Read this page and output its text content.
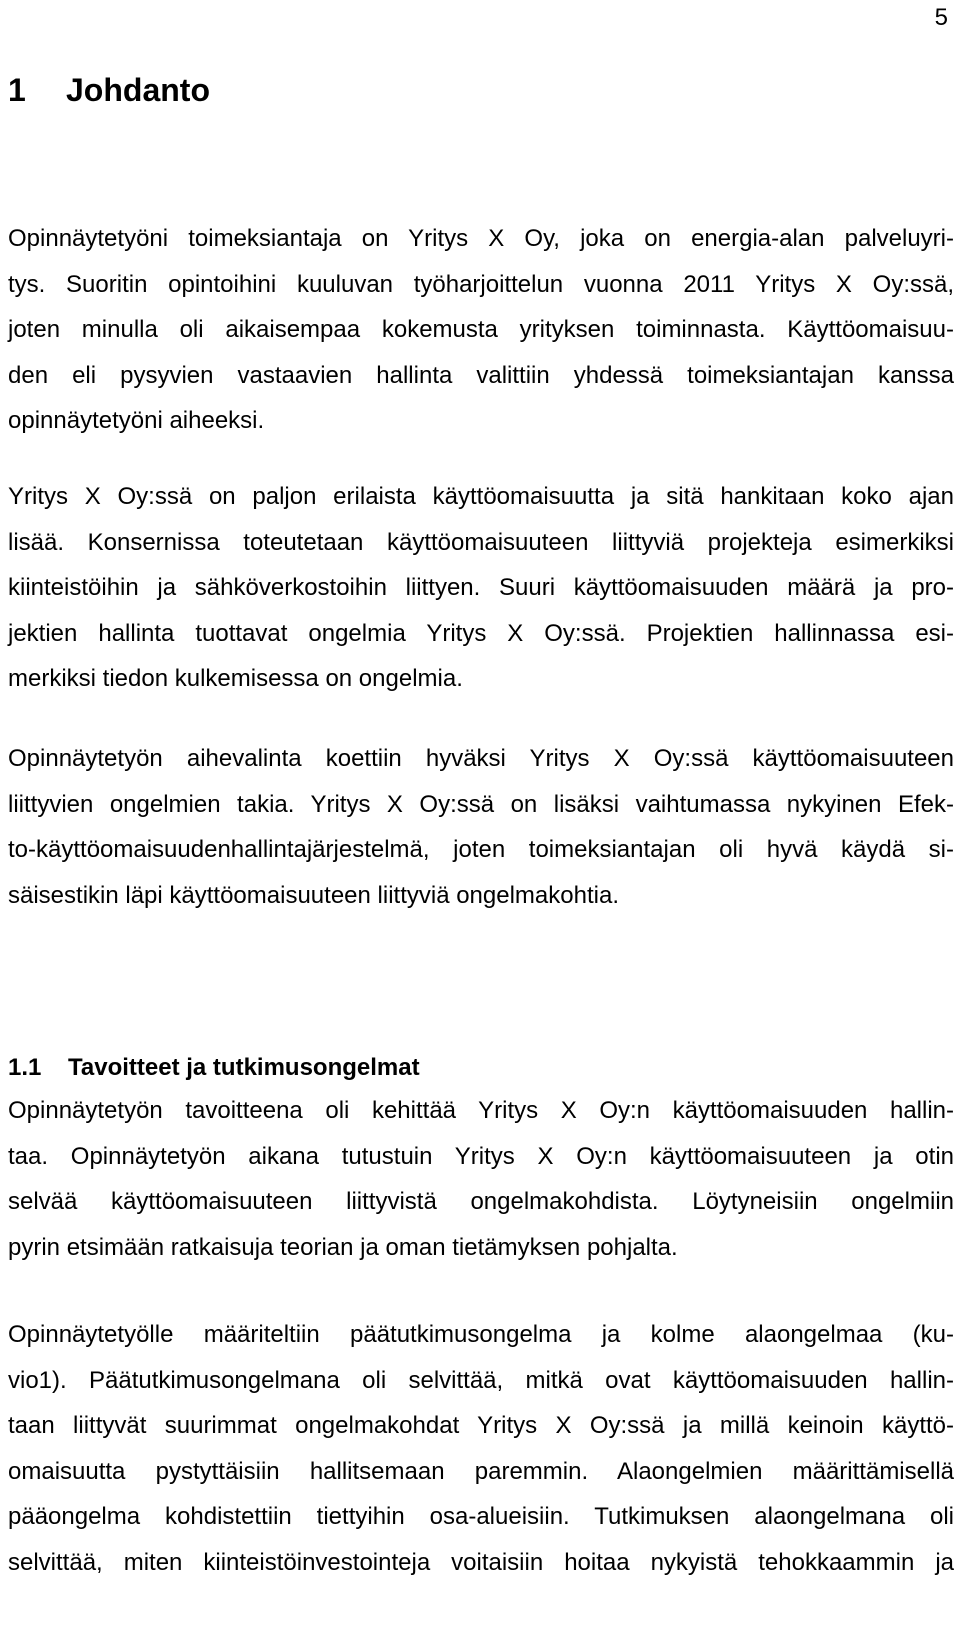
5
1 Johdanto
Opinnäytetyöni toimeksiantaja on Yritys X Oy, joka on energia-alan palveluyri-
tys. Suoritin opintoihini kuuluvan työharjoittelun vuonna 2011 Yritys X Oy:ssä,
joten minulla oli aikaisempaa kokemusta yrityksen toiminnasta. Käyttöomaisuu-
den eli pysyvien vastaavien hallinta valittiin yhdessä toimeksiantajan kanssa
opinnäytetyöni aiheeksi.
Yritys X Oy:ssä on paljon erilaista käyttöomaisuutta ja sitä hankitaan koko ajan
lisää. Konsernissa toteutetaan käyttöomaisuuteen liittyviä projekteja esimerkiksi
kiinteistöihin ja sähköverkostoihin liittyen. Suuri käyttöomaisuuden määrä ja pro-
jektien hallinta tuottavat ongelmia Yritys X Oy:ssä. Projektien hallinnassa esi-
merkiksi tiedon kulkemisessa on ongelmia.
Opinnäytetyön aihevalinta koettiin hyväksi Yritys X Oy:ssä käyttöomaisuuteen
liittyvien ongelmien takia. Yritys X Oy:ssä on lisäksi vaihtumassa nykyinen Efek-
to-käyttöomaisuudenhallintajärjestelmä, joten toimeksiantajan oli hyvä käydä si-
säisestikin läpi käyttöomaisuuteen liittyviä ongelmakohtia.
1.1 Tavoitteet ja tutkimusongelmat
Opinnäytetyön tavoitteena oli kehittää Yritys X Oy:n käyttöomaisuuden hallin-
taa. Opinnäytetyön aikana tutustuin Yritys X Oy:n käyttöomaisuuteen ja otin
selvää käyttöomaisuuteen liittyvistä ongelmakohdista. Löytyneisiin ongelmiin
pyrin etsimään ratkaisuja teorian ja oman tietämyksen pohjalta.
Opinnäytetyölle määriteltiin päätutkimusongelma ja kolme alaongelmaa (ku-
vio1). Päätutkimusongelmana oli selvittää, mitkä ovat käyttöomaisuuden hallin-
taan liittyvät suurimmat ongelmakohdat Yritys X Oy:ssä ja millä keinoin käyttö-
omaisuutta pystyttäisiin hallitsemaan paremmin. Alaongelmien määrittämisellä
pääongelma kohdistettiin tiettyihin osa-alueisiin. Tutkimuksen alaongelmana oli
selvittää, miten kiinteistöinvestointeja voitaisiin hoitaa nykyistä tehokkaammin ja
